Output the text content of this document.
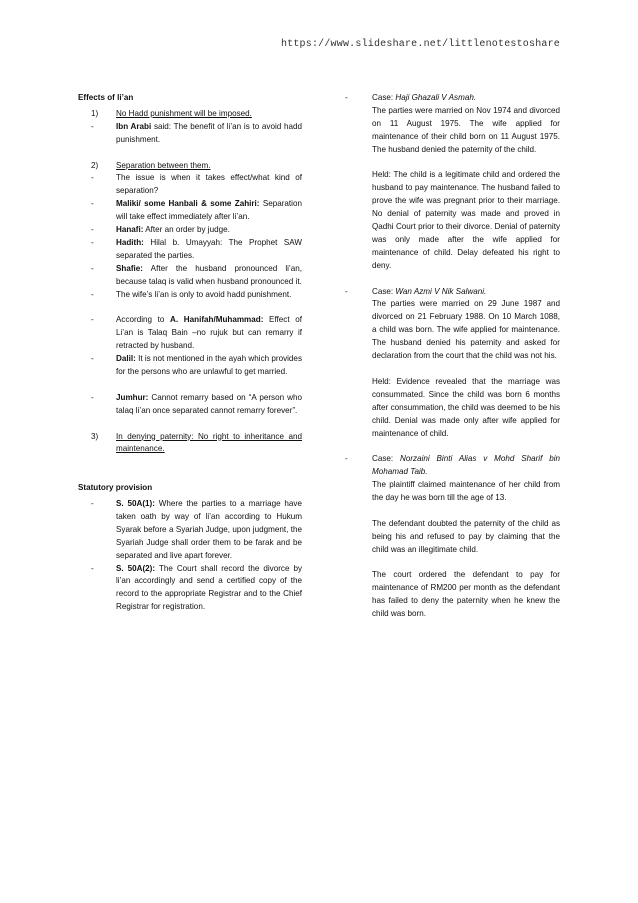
https://www.slideshare.net/littlenotestoshare
Effects of li’an
1)	No Hadd punishment will be imposed.
-	Ibn Arabi said: The benefit of li’an is to avoid hadd punishment.
2)	Separation between them.
-	The issue is when it takes effect/what kind of separation?
-	Maliki/ some Hanbali & some Zahiri: Separation will take effect immediately after li’an.
-	Hanafi: After an order by judge.
-	Hadith: Hilal b. Umayyah: The Prophet SAW separated the parties.
-	Shafie: After the husband pronounced li’an, because talaq is valid when husband pronounced it.
-	The wife’s li’an is only to avoid hadd punishment.
-	According to A. Hanifah/Muhammad: Effect of Li’an is Talaq Bain –no rujuk but can remarry if retracted by husband.
-	Dalil: It is not mentioned in the ayah which provides for the persons who are unlawful to get married.
-	Jumhur: Cannot remarry based on “A person who talaq li’an once separated cannot remarry forever”.
3)	In denying paternity: No right to inheritance and maintenance.
Statutory provision
-	S. 50A(1): Where the parties to a marriage have taken oath by way of li’an according to Hukum Syarak before a Syariah Judge, upon judgment, the Syariah Judge shall order them to be farak and be separated and live apart forever.
-	S. 50A(2): The Court shall record the divorce by li’an accordingly and send a certified copy of the record to the appropriate Registrar and to the Chief Registrar for registration.
-	Case: Haji Ghazali V Asmah.
The parties were married on Nov 1974 and divorced on 11 August 1975. The wife applied for maintenance of their child born on 11 August 1975. The husband denied the paternity of the child.
Held: The child is a legitimate child and ordered the husband to pay maintenance. The husband failed to prove the wife was pregnant prior to their marriage. No denial of paternity was made and proved in Qadhi Court prior to their divorce. Denial of paternity was only made after the wife applied for maintenance of child. Delay defeated his right to deny.
-	Case: Wan Azmi V Nik Salwani.
The parties were married on 29 June 1987 and divorced on 21 February 1988. On 10 March 1088, a child was born. The wife applied for maintenance. The husband denied his paternity and asked for declaration from the court that the child was not his.
Held: Evidence revealed that the marriage was consummated. Since the child was born 6 months after consummation, the child was deemed to be his child. Denial was made only after wife applied for maintenance of child.
-	Case: Norzaini Binti Alias v Mohd Sharif bin Mohamad Taib.
The plaintiff claimed maintenance of her child from the day he was born till the age of 13.
The defendant doubted the paternity of the child as being his and refused to pay by claiming that the child was an illegitimate child.
The court ordered the defendant to pay for maintenance of RM200 per month as the defendant has failed to deny the paternity when he knew the child was born.
